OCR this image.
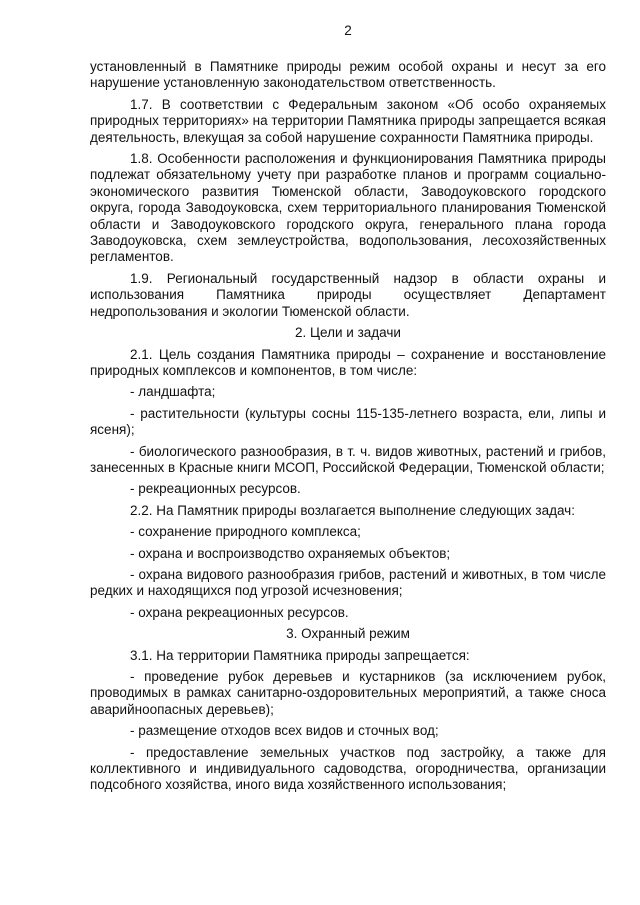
2

установленный в Памятнике природы режим особой охраны и несут за его нарушение установленную законодательством ответственность.

1.7. В соответствии с Федеральным законом «Об особо охраняемых природных территориях» на территории Памятника природы запрещается всякая деятельность, влекущая за собой нарушение сохранности Памятника природы.

1.8. Особенности расположения и функционирования Памятника природы подлежат обязательному учету при разработке планов и программ социально-экономического развития Тюменской области, Заводоуковского городского округа, города Заводоуковска, схем территориального планирования Тюменской области и Заводоуковского городского округа, генерального плана города Заводоуковска, схем землеустройства, водопользования, лесохозяйственных регламентов.

1.9. Региональный государственный надзор в области охраны и использования Памятника природы осуществляет Департамент недропользования и экологии Тюменской области.

2. Цели и задачи

2.1. Цель создания Памятника природы – сохранение и восстановление природных комплексов и компонентов, в том числе:

- ландшафта;

- растительности (культуры сосны 115-135-летнего возраста, ели, липы и ясеня);

- биологического разнообразия, в т. ч. видов животных, растений и грибов, занесенных в Красные книги МСОП, Российской Федерации, Тюменской области;

- рекреационных ресурсов.

2.2. На Памятник природы возлагается выполнение следующих задач:

- сохранение природного комплекса;

- охрана и воспроизводство охраняемых объектов;

- охрана видового разнообразия грибов, растений и животных, в том числе редких и находящихся под угрозой исчезновения;

- охрана рекреационных ресурсов.

3. Охранный режим

3.1. На территории Памятника природы запрещается:

- проведение рубок деревьев и кустарников (за исключением рубок, проводимых в рамках санитарно-оздоровительных мероприятий, а также сноса аварийноопасных деревьев);

- размещение отходов всех видов и сточных вод;

- предоставление земельных участков под застройку, а также для коллективного и индивидуального садоводства, огородничества, организации подсобного хозяйства, иного вида хозяйственного использования;
